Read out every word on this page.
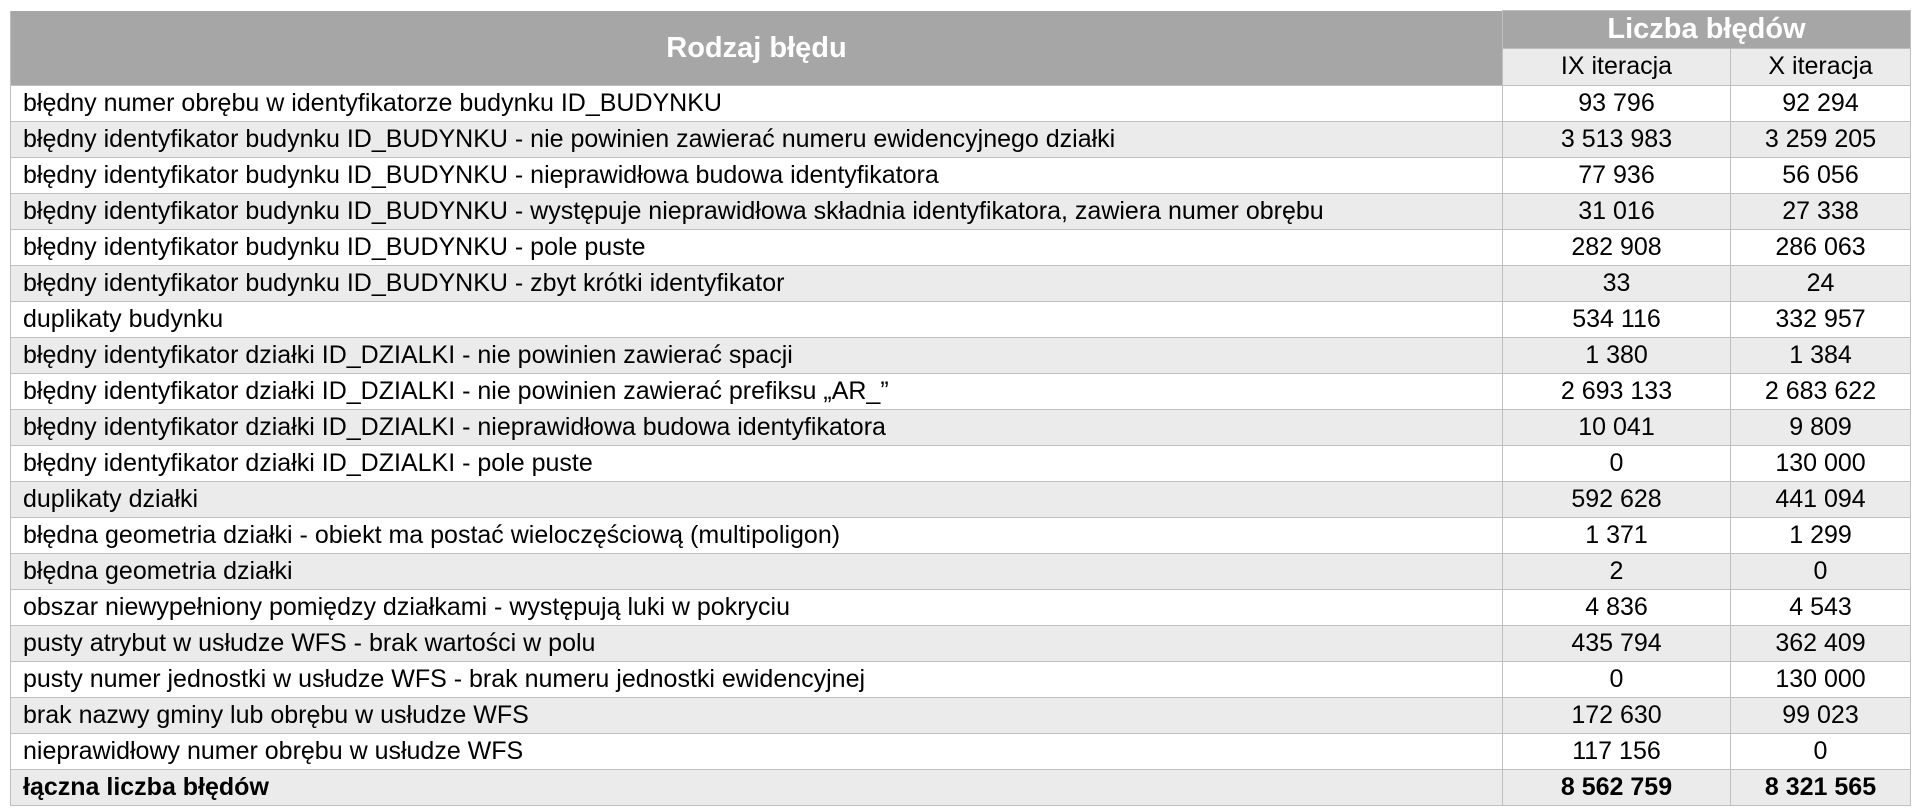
Rodzaj błędu	Liczba błędów	
	IX iteracja	X iteracja
błędny numer obrębu w identyfikatorze budynku ID_BUDYNKU	93 796	92 294
błędny identyfikator budynku ID_BUDYNKU - nie powinien zawierać numeru ewidencyjnego działki	3 513 983	3 259 205
błędny identyfikator budynku ID_BUDYNKU - nieprawidłowa budowa identyfikatora	77 936	56 056
błędny identyfikator budynku ID_BUDYNKU - występuje nieprawidłowa składnia identyfikatora, zawiera numer obrębu	31 016	27 338
błędny identyfikator budynku ID_BUDYNKU - pole puste	282 908	286 063
błędny identyfikator budynku ID_BUDYNKU - zbyt krótki identyfikator	33	24
duplikaty budynku	534 116	332 957
błędny identyfikator działki ID_DZIALKI - nie powinien zawierać spacji	1 380	1 384
błędny identyfikator działki ID_DZIALKI - nie powinien zawierać prefiksu „AR_”	2 693 133	2 683 622
błędny identyfikator działki ID_DZIALKI - nieprawidłowa budowa identyfikatora	10 041	9 809
błędny identyfikator działki ID_DZIALKI - pole puste	0	130 000
duplikaty działki	592 628	441 094
błędna geometria działki - obiekt ma postać wieloczęściową (multipoligon)	1 371	1 299
błędna geometria działki	2	0
obszar niewypełniony pomiędzy działkami - występują luki w pokryciu	4 836	4 543
pusty atrybut w usłudze WFS - brak wartości w polu	435 794	362 409
pusty numer jednostki w usłudze WFS - brak numeru jednostki ewidencyjnej	0	130 000
brak nazwy gminy lub obrębu w usłudze WFS	172 630	99 023
nieprawidłowy numer obrębu w usłudze WFS	117 156	0
łączna liczba błędów	8 562 759	8 321 565
